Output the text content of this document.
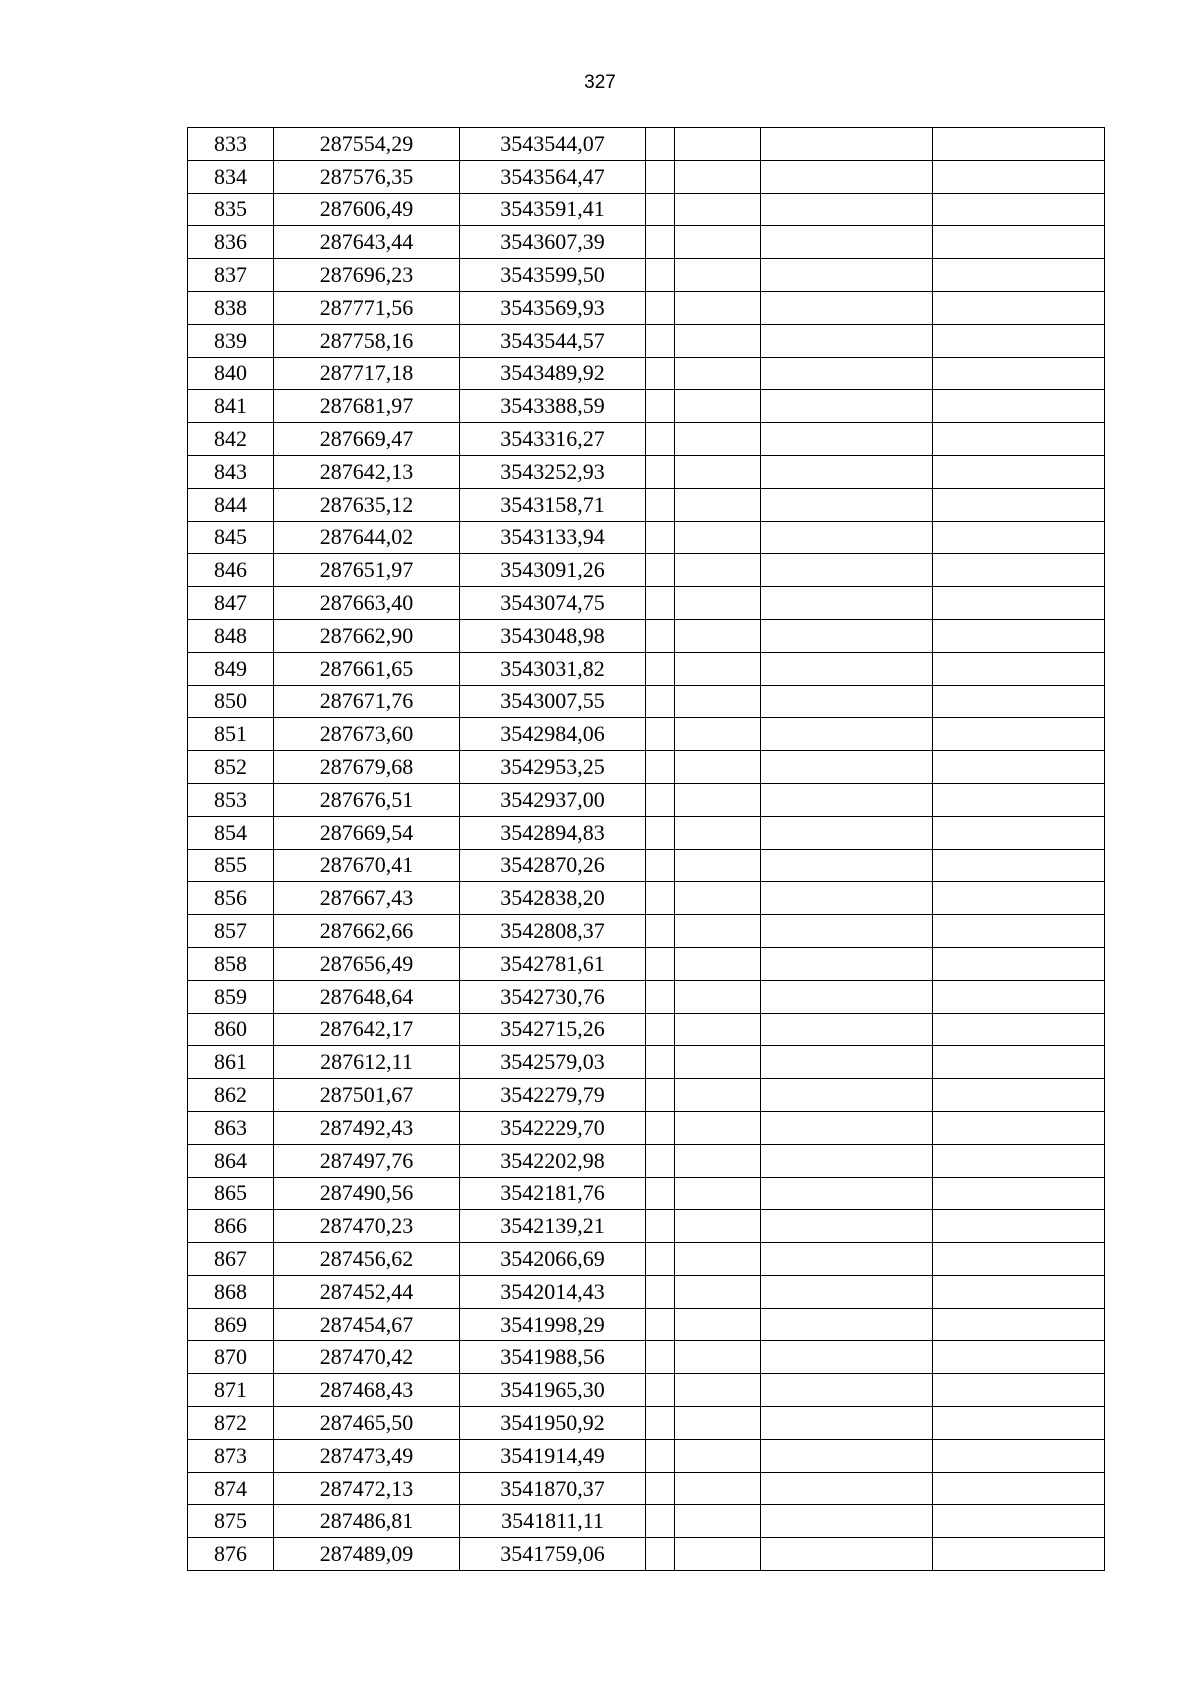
327
833	287554,29	3543544,07				
834	287576,35	3543564,47				
835	287606,49	3543591,41				
836	287643,44	3543607,39				
837	287696,23	3543599,50				
838	287771,56	3543569,93				
839	287758,16	3543544,57				
840	287717,18	3543489,92				
841	287681,97	3543388,59				
842	287669,47	3543316,27				
843	287642,13	3543252,93				
844	287635,12	3543158,71				
845	287644,02	3543133,94				
846	287651,97	3543091,26				
847	287663,40	3543074,75				
848	287662,90	3543048,98				
849	287661,65	3543031,82				
850	287671,76	3543007,55				
851	287673,60	3542984,06				
852	287679,68	3542953,25				
853	287676,51	3542937,00				
854	287669,54	3542894,83				
855	287670,41	3542870,26				
856	287667,43	3542838,20				
857	287662,66	3542808,37				
858	287656,49	3542781,61				
859	287648,64	3542730,76				
860	287642,17	3542715,26				
861	287612,11	3542579,03				
862	287501,67	3542279,79				
863	287492,43	3542229,70				
864	287497,76	3542202,98				
865	287490,56	3542181,76				
866	287470,23	3542139,21				
867	287456,62	3542066,69				
868	287452,44	3542014,43				
869	287454,67	3541998,29				
870	287470,42	3541988,56				
871	287468,43	3541965,30				
872	287465,50	3541950,92				
873	287473,49	3541914,49				
874	287472,13	3541870,37				
875	287486,81	3541811,11				
876	287489,09	3541759,06				
